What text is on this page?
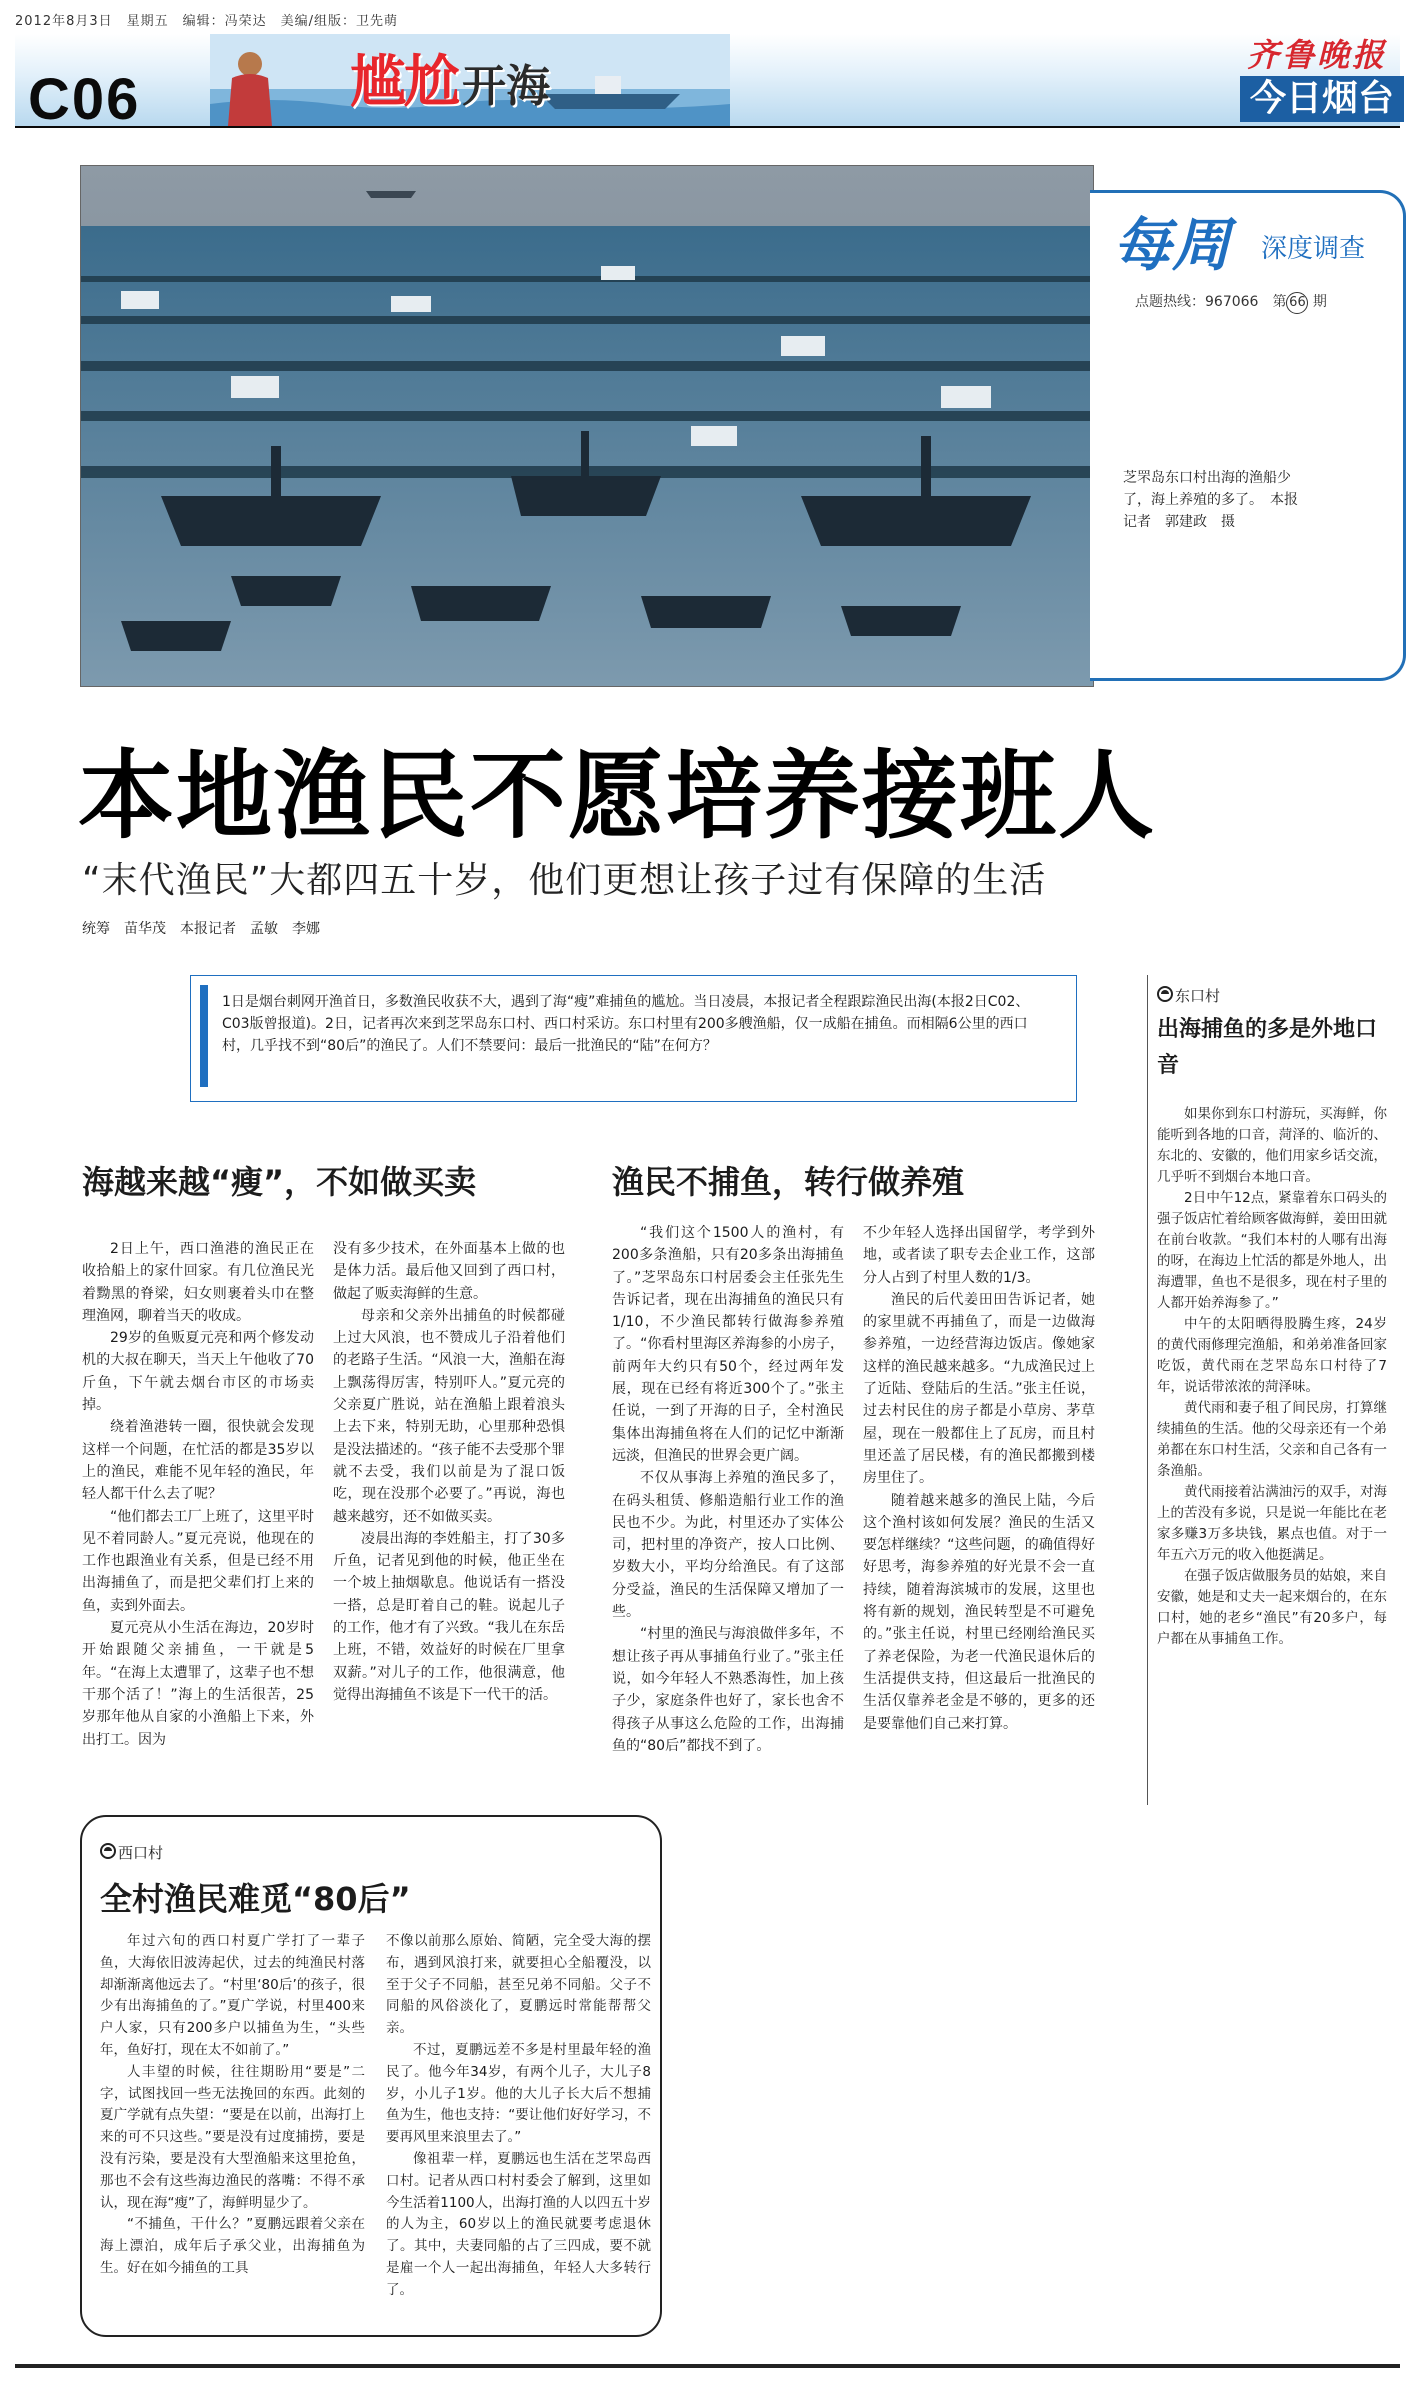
2012年8月3日　星期五　编辑：冯荣达　美编/组版：卫先萌
C06	尴尬开海
齐鲁晚报
今日烟台
每周 深度调查
点题热线：967066　第 66 期
芝罘岛东口村出海的渔船少了，海上养殖的多了。　本报记者　郭建政　摄
本地渔民不愿培养接班人
“末代渔民”大都四五十岁，他们更想让孩子过有保障的生活
统筹　苗华茂　本报记者　孟敏　李娜
1日是烟台刺网开渔首日，多数渔民收获不大，遇到了海“瘦”难捕鱼的尴尬。当日凌晨，本报记者全程跟踪渔民出海(本报2日C02、C03版曾报道)。2日，记者再次来到芝罘岛东口村、西口村采访。东口村里有200多艘渔船，仅一成船在捕鱼。而相隔6公里的西口村，几乎找不到“80后”的渔民了。人们不禁要问：最后一批渔民的“陆”在何方？
东口村
出海捕鱼的多是外地口音

如果你到东口村游玩，买海鲜，你能听到各地的口音，菏泽的、临沂的、东北的、安徽的，他们用家乡话交流，几乎听不到烟台本地口音。

2日中午12点，紧靠着东口码头的强子饭店忙着给顾客做海鲜，姜田田就在前台收款。“我们本村的人哪有出海的呀，在海边上忙活的都是外地人，出海遭罪，鱼也不是很多，现在村子里的人都开始养海参了。”

中午的太阳晒得股腾生疼，24岁的黄代雨修理完渔船，和弟弟准备回家吃饭，黄代雨在芝罘岛东口村待了7年，说话带浓浓的菏泽味。

黄代雨和妻子租了间民房，打算继续捕鱼的生活。他的父母亲还有一个弟弟都在东口村生活，父亲和自己各有一条渔船。

黄代雨接着沾满油污的双手，对海上的苦没有多说，只是说一年能比在老家多赚3万多块钱，累点也值。对于一年五六万元的收入他挺满足。

在强子饭店做服务员的姑娘，来自安徽，她是和丈夫一起来烟台的，在东口村，她的老乡“渔民”有20多户，每户都在从事捕鱼工作。

海越来越“瘦”，不如做买卖	渔民不捕鱼，转行做养殖

2日上午，西口渔港的渔民正在收拾船上的家什回家。有几位渔民光着黝黑的脊梁，妇女则裹着头巾在整理渔网，聊着当天的收成。

29岁的鱼贩夏元亮和两个修发动机的大叔在聊天，当天上午他收了70斤鱼，下午就去烟台市区的市场卖掉。

绕着渔港转一圈，很快就会发现这样一个问题，在忙活的都是35岁以上的渔民，难能不见年轻的渔民，年轻人都干什么去了呢？

“他们都去工厂上班了，这里平时见不着同龄人。”夏元亮说，他现在的工作也跟渔业有关系，但是已经不用出海捕鱼了，而是把父辈们打上来的鱼，卖到外面去。

夏元亮从小生活在海边，20岁时开始跟随父亲捕鱼，一干就是5年。“在海上太遭罪了，这辈子也不想干那个活了！”海上的生活很苦，25岁那年他从自家的小渔船上下来，外出打工。因为

没有多少技术，在外面基本上做的也是体力活。最后他又回到了西口村，做起了贩卖海鲜的生意。

母亲和父亲外出捕鱼的时候都碰上过大风浪，也不赞成儿子沿着他们的老路子生活。“风浪一大，渔船在海上飘荡得厉害，特别吓人。”夏元亮的父亲夏广胜说，站在渔船上跟着浪头上去下来，特别无助，心里那种恐惧是没法描述的。“孩子能不去受那个罪就不去受，我们以前是为了混口饭吃，现在没那个必要了。”再说，海也越来越穷，还不如做买卖。

凌晨出海的李姓船主，打了30多斤鱼，记者见到他的时候，他正坐在一个坡上抽烟歇息。他说话有一搭没一搭，总是盯着自己的鞋。说起儿子的工作，他才有了兴致。“我儿在东岳上班，不错，效益好的时候在厂里拿双薪。”对儿子的工作，他很满意，他觉得出海捕鱼不该是下一代干的活。

“我们这个1500人的渔村，有200多条渔船，只有20多条出海捕鱼了。”芝罘岛东口村居委会主任张先生告诉记者，现在出海捕鱼的渔民只有1/10，不少渔民都转行做海参养殖了。“你看村里海区养海参的小房子，前两年大约只有50个，经过两年发展，现在已经有将近300个了。”张主任说，一到了开海的日子，全村渔民集体出海捕鱼将在人们的记忆中渐渐远淡，但渔民的世界会更广阔。

不仅从事海上养殖的渔民多了，在码头租赁、修船造船行业工作的渔民也不少。为此，村里还办了实体公司，把村里的净资产，按人口比例、岁数大小，平均分给渔民。有了这部分受益，渔民的生活保障又增加了一些。

“村里的渔民与海浪做伴多年，不想让孩子再从事捕鱼行业了。”张主任说，如今年轻人不熟悉海性，加上孩子少，家庭条件也好了，家长也舍不得孩子从事这么危险的工作，出海捕鱼的“80后”都找不到了。

不少年轻人选择出国留学，考学到外地，或者读了职专去企业工作，这部分人占到了村里人数的1/3。

渔民的后代姜田田告诉记者，她的家里就不再捕鱼了，而是一边做海参养殖，一边经营海边饭店。像她家这样的渔民越来越多。“九成渔民过上了近陆、登陆后的生活。”张主任说，过去村民住的房子都是小草房、茅草屋，现在一般都住上了瓦房，而且村里还盖了居民楼，有的渔民都搬到楼房里住了。

随着越来越多的渔民上陆，今后这个渔村该如何发展？渔民的生活又要怎样继续？“这些问题，的确值得好好思考，海参养殖的好光景不会一直持续，随着海滨城市的发展，这里也将有新的规划，渔民转型是不可避免的。”张主任说，村里已经刚给渔民买了养老保险，为老一代渔民退休后的生活提供支持，但这最后一批渔民的生活仅靠养老金是不够的，更多的还是要靠他们自己来打算。

西口村
全村渔民难觅“80后”

年过六旬的西口村夏广学打了一辈子鱼，大海依旧波涛起伏，过去的纯渔民村落却渐渐离他远去了。“村里‘80后’的孩子，很少有出海捕鱼的了。”夏广学说，村里400来户人家，只有200多户以捕鱼为生，“头些年，鱼好打，现在太不如前了。”

人丰望的时候，往往期盼用“要是”二字，试图找回一些无法挽回的东西。此刻的夏广学就有点失望：“要是在以前，出海打上来的可不只这些。”要是没有过度捕捞，要是没有污染，要是没有大型渔船来这里抢鱼，那也不会有这些海边渔民的落嘴：不得不承认，现在海“瘦”了，海鲜明显少了。

“不捕鱼，干什么？”夏鹏远跟着父亲在海上漂泊，成年后子承父业，出海捕鱼为生。好在如今捕鱼的工具

不像以前那么原始、简陋，完全受大海的摆布，遇到风浪打来，就要担心全船覆没，以至于父子不同船，甚至兄弟不同船。父子不同船的风俗淡化了，夏鹏远时常能帮帮父亲。

不过，夏鹏远差不多是村里最年轻的渔民了。他今年34岁，有两个儿子，大儿子8岁，小儿子1岁。他的大儿子长大后不想捕鱼为生，他也支持：“要让他们好好学习，不要再风里来浪里去了。”

像祖辈一样，夏鹏远也生活在芝罘岛西口村。记者从西口村村委会了解到，这里如今生活着1100人，出海打渔的人以四五十岁的人为主，60岁以上的渔民就要考虑退休了。其中，夫妻同船的占了三四成，要不就是雇一个人一起出海捕鱼，年轻人大多转行了。
